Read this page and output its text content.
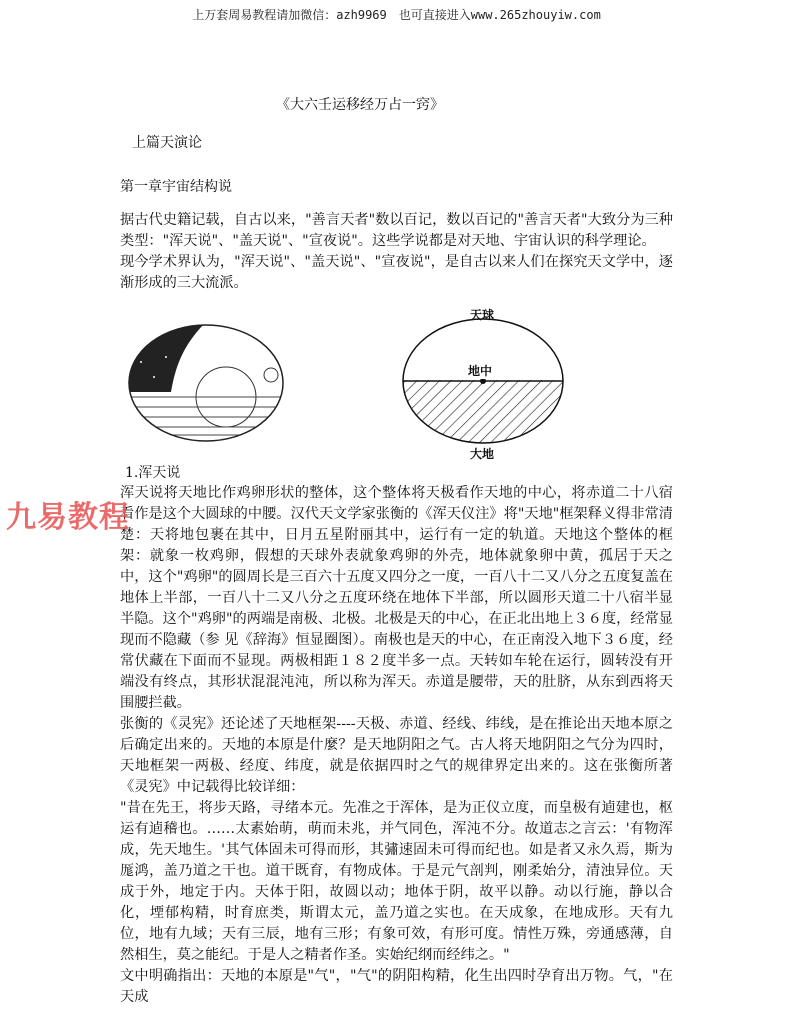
上万套周易教程请加微信：azh9969　也可直接进入www.265zhouyiw.com
《大六壬运移经万占一窍》
上篇天演论
第一章宇宙结构说

据古代史籍记载，自古以来，"善言天者"数以百记，数以百记的"善言天者"大致分为三种类型："浑天说"、"盖天说"、"宣夜说"。这些学说都是对天地、宇宙认识的科学理论。

现今学术界认为，"浑天说"、"盖天说"、"宣夜说"，是自古以来人们在探究天文学中，逐渐形成的三大流派。

天球
地中
大地
1.浑天说

浑天说将天地比作鸡卵形状的整体，这个整体将天极看作天地的中心，将赤道二十八宿看作是这个大圆球的中腰。汉代天文学家张衡的《浑天仪注》将"天地"框架释义得非常清楚：天将地包裹在其中，日月五星附丽其中，运行有一定的轨道。天地这个整体的框架：就象一枚鸡卵，假想的天球外表就象鸡卵的外壳，地体就象卵中黄，孤居于天之中，这个"鸡卵"的圆周长是三百六十五度又四分之一度，一百八十二又八分之五度复盖在地体上半部，一百八十二又八分之五度环绕在地体下半部，所以圆形天道二十八宿半显半隐。这个"鸡卵"的两端是南极、北极。北极是天的中心，在正北出地上３６度，经常显现而不隐藏（参 见《辞海》恒显圈图）。南极也是天的中心，在正南没入地下３６度，经常伏藏在下面而不显现。两极相距１８２度半多一点。天转如车轮在运行，圆转没有开端没有终点，其形状混混沌沌，所以称为浑天。赤道是腰带，天的肚脐，从东到西将天围腰拦截。

张衡的《灵宪》还论述了天地框架----天极、赤道、经线、纬线，是在推论出天地本原之后确定出来的。天地的本原是什麼？是天地阴阳之气。古人将天地阴阳之气分为四时，天地框架一两极、经度、纬度，就是依据四时之气的规律界定出来的。这在张衡所著《灵宪》中记载得比较详细：

"昔在先王，将步天路，寻绪本元。先准之于浑体，是为正仪立度，而皇极有逌建也，枢运有逌稽也。……太素始萌，萌而未兆，并气同色，浑沌不分。故道志之言云：'有物浑成，先天地生。'其气体固未可得而形，其彇速固未可得而纪也。如是者又永久焉，斯为厖鸿，盖乃道之干也。道干既育，有物成体。于是元气剖判，刚柔始分，清浊异位。天成于外，地定于内。天体于阳，故圆以动；地体于阴，故平以静。动以行施，静以合化，堙郁构精，时育庶类，斯谓太元，盖乃道之实也。在天成象，在地成形。天有九位，地有九域；天有三辰，地有三形；有象可效，有形可度。情性万殊，旁通感薄，自然相生，莫之能纪。于是人之精者作圣。实始纪纲而经纬之。"

文中明确指出：天地的本原是"气"，"气"的阴阳构精，化生出四时孕育出万物。气，"在天成

九易教程
